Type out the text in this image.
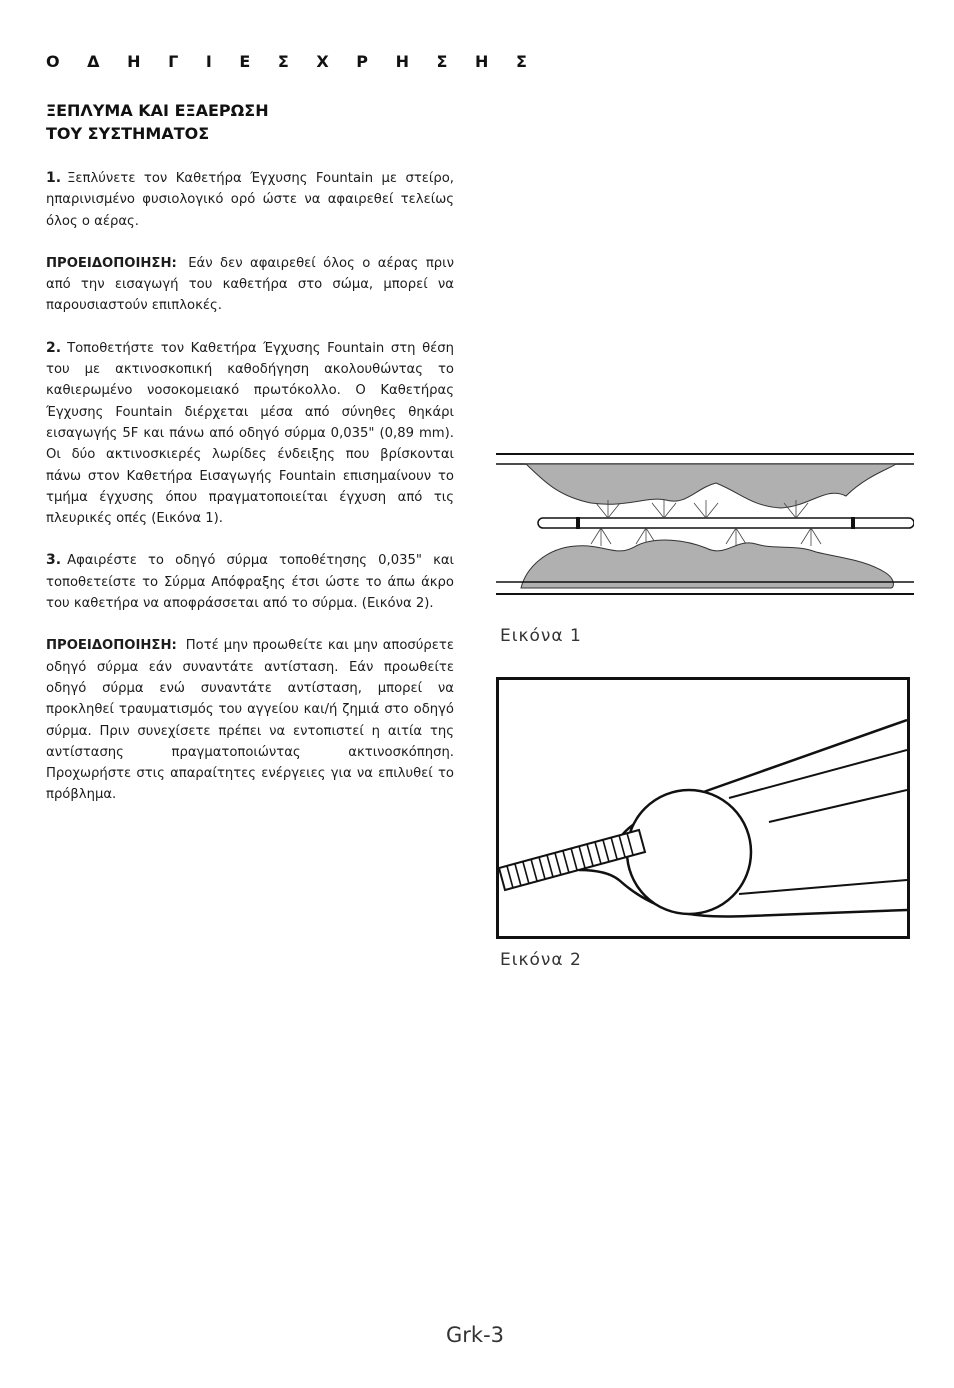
Ο Δ Η Γ Ι Ε Σ Χ Ρ Η Σ Η Σ
ΞΕΠΛΥΜΑ ΚΑΙ ΕΞΑΕΡΩΣΗ
ΤΟΥ ΣΥΣΤΗΜΑΤΟΣ

1. Ξεπλύνετε τον Καθετήρα Έγχυσης Fountain με στείρο, ηπαρινισμένο φυσιολογικό ορό ώστε να αφαιρεθεί τελείως όλος ο αέρας.

ΠΡΟΕΙΔΟΠΟΙΗΣΗ: Εάν δεν αφαιρεθεί όλος ο αέρας πριν από την εισαγωγή του καθετήρα στο σώμα, μπορεί να παρουσιαστούν επιπλοκές.

2. Τοποθετήστε τον Καθετήρα Έγχυσης Fountain στη θέση του με ακτινοσκοπική καθοδήγηση ακολουθώντας το καθιερωμένο νοσοκομειακό πρωτόκολλο. Ο Καθετήρας Έγχυσης Fountain διέρχεται μέσα από σύνηθες θηκάρι εισαγωγής 5F και πάνω από οδηγό σύρμα 0,035" (0,89 mm). Οι δύο ακτινοσκιερές λωρίδες ένδειξης που βρίσκονται πάνω στον Καθετήρα Εισαγωγής Fountain επισημαίνουν το τμήμα έγχυσης όπου πραγματοποιείται έγχυση από τις πλευρικές οπές (Εικόνα 1).

3. Αφαιρέστε το οδηγό σύρμα τοποθέτησης 0,035" και τοποθετείστε το Σύρμα Απόφραξης έτσι ώστε το άπω άκρο του καθετήρα να αποφράσσεται από το σύρμα. (Εικόνα 2).

ΠΡΟΕΙΔΟΠΟΙΗΣΗ: Ποτέ μην προωθείτε και μην αποσύρετε οδηγό σύρμα εάν συναντάτε αντίσταση. Εάν προωθείτε οδηγό σύρμα ενώ συναντάτε αντίσταση, μπορεί να προκληθεί τραυματισμός του αγγείου και/ή ζημιά στο οδηγό σύρμα. Πριν συνεχίσετε πρέπει να εντοπιστεί η αιτία της αντίστασης πραγματοποιώντας ακτινοσκόπηση. Προχωρήστε στις απαραίτητες ενέργειες για να επιλυθεί το πρόβλημα.

Εικόνα 1
Εικόνα 2
Grk-3
